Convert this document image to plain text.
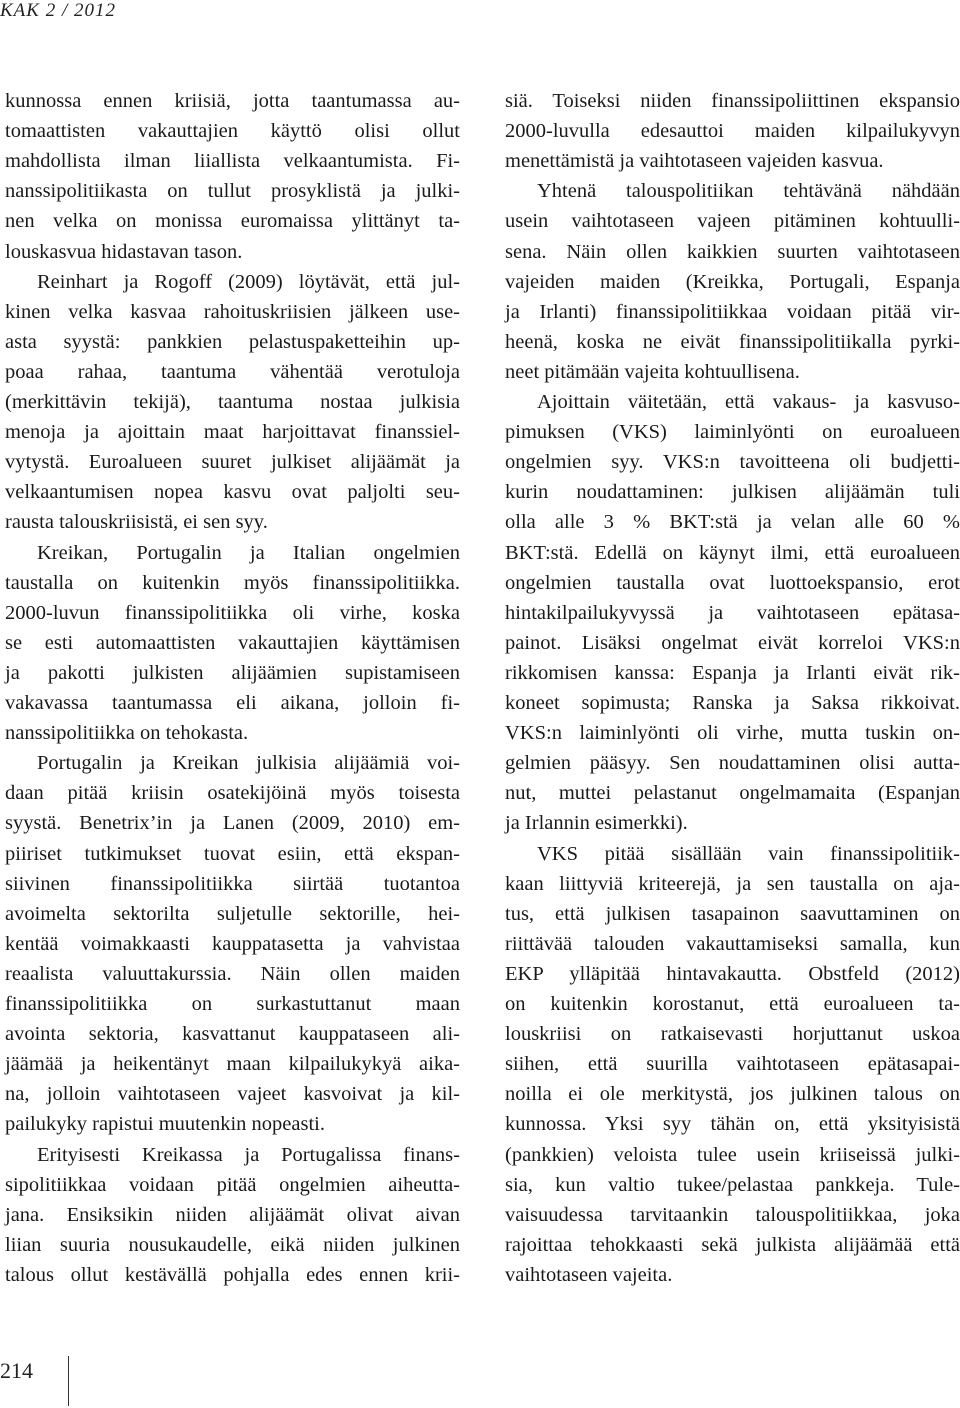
KAK 2 / 2012
kunnossa ennen kriisiä, jotta taantumassa au-
tomaattisten vakauttajien käyttö olisi ollut
mahdollista ilman liiallista velkaantumista. Fi-
nanssipolitiikasta on tullut prosyklistä ja julki-
nen velka on monissa euromaissa ylittänyt ta-
louskasvua hidastavan tason.
Reinhart ja Rogoff (2009) löytävät, että jul-
kinen velka kasvaa rahoituskriisien jälkeen use-
asta syystä: pankkien pelastuspaketteihin up-
poaa rahaa, taantuma vähentää verotuloja
(merkittävin tekijä), taantuma nostaa julkisia
menoja ja ajoittain maat harjoittavat finanssiel-
vytystä. Euroalueen suuret julkiset alijäämät ja
velkaantumisen nopea kasvu ovat paljolti seu-
rausta talouskriisistä, ei sen syy.
Kreikan, Portugalin ja Italian ongelmien
taustalla on kuitenkin myös finanssipolitiikka.
2000-luvun finanssipolitiikka oli virhe, koska
se esti automaattisten vakauttajien käyttämisen
ja pakotti julkisten alijäämien supistamiseen
vakavassa taantumassa eli aikana, jolloin fi-
nanssipolitiikka on tehokasta.
Portugalin ja Kreikan julkisia alijäämiä voi-
daan pitää kriisin osatekijöinä myös toisesta
syystä. Benetrix’in ja Lanen (2009, 2010) em-
piiriset tutkimukset tuovat esiin, että ekspan-
siivinen finanssipolitiikka siirtää tuotantoa
avoimelta sektorilta suljetulle sektorille, hei-
kentää voimakkaasti kauppatasetta ja vahvistaa
reaalista valuuttakurssia. Näin ollen maiden
finanssipolitiikka on surkastuttanut maan
avointa sektoria, kasvattanut kauppataseen ali-
jäämää ja heikentänyt maan kilpailukykyä aika-
na, jolloin vaihtotaseen vajeet kasvoivat ja kil-
pailukyky rapistui muutenkin nopeasti.
Erityisesti Kreikassa ja Portugalissa finans-
sipolitiikkaa voidaan pitää ongelmien aiheutta-
jana. Ensiksikin niiden alijäämät olivat aivan
liian suuria nousukaudelle, eikä niiden julkinen
talous ollut kestävällä pohjalla edes ennen krii-
siä. Toiseksi niiden finanssipoliittinen ekspansio
2000-luvulla edesauttoi maiden kilpailukyvyn
menettämistä ja vaihtotaseen vajeiden kasvua.
Yhtenä talouspolitiikan tehtävänä nähdään
usein vaihtotaseen vajeen pitäminen kohtuulli-
sena. Näin ollen kaikkien suurten vaihtotaseen
vajeiden maiden (Kreikka, Portugali, Espanja
ja Irlanti) finanssipolitiikkaa voidaan pitää vir-
heenä, koska ne eivät finanssipolitiikalla pyrki-
neet pitämään vajeita kohtuullisena.
Ajoittain väitetään, että vakaus- ja kasvuso-
pimuksen (VKS) laiminlyönti on euroalueen
ongelmien syy. VKS:n tavoitteena oli budjetti-
kurin noudattaminen: julkisen alijäämän tuli
olla alle 3 % BKT:stä ja velan alle 60 %
BKT:stä. Edellä on käynyt ilmi, että euroalueen
ongelmien taustalla ovat luottoekspansio, erot
hintakilpailukyvyssä ja vaihtotaseen epätasa-
painot. Lisäksi ongelmat eivät korreloi VKS:n
rikkomisen kanssa: Espanja ja Irlanti eivät rik-
koneet sopimusta; Ranska ja Saksa rikkoivat.
VKS:n laiminlyönti oli virhe, mutta tuskin on-
gelmien pääsyy. Sen noudattaminen olisi autta-
nut, muttei pelastanut ongelmamaita (Espanjan
ja Irlannin esimerkki).
VKS pitää sisällään vain finanssipolitiik-
kaan liittyviä kriteerejä, ja sen taustalla on aja-
tus, että julkisen tasapainon saavuttaminen on
riittävää talouden vakauttamiseksi samalla, kun
EKP ylläpitää hintavakautta. Obstfeld (2012)
on kuitenkin korostanut, että euroalueen ta-
louskriisi on ratkaisevasti horjuttanut uskoa
siihen, että suurilla vaihtotaseen epätasapai-
noilla ei ole merkitystä, jos julkinen talous on
kunnossa. Yksi syy tähän on, että yksityisistä
(pankkien) veloista tulee usein kriiseissä julki-
sia, kun valtio tukee/pelastaa pankkeja. Tule-
vaisuudessa tarvitaankin talouspolitiikkaa, joka
rajoittaa tehokkaasti sekä julkista alijäämää että
vaihtotaseen vajeita.
214
